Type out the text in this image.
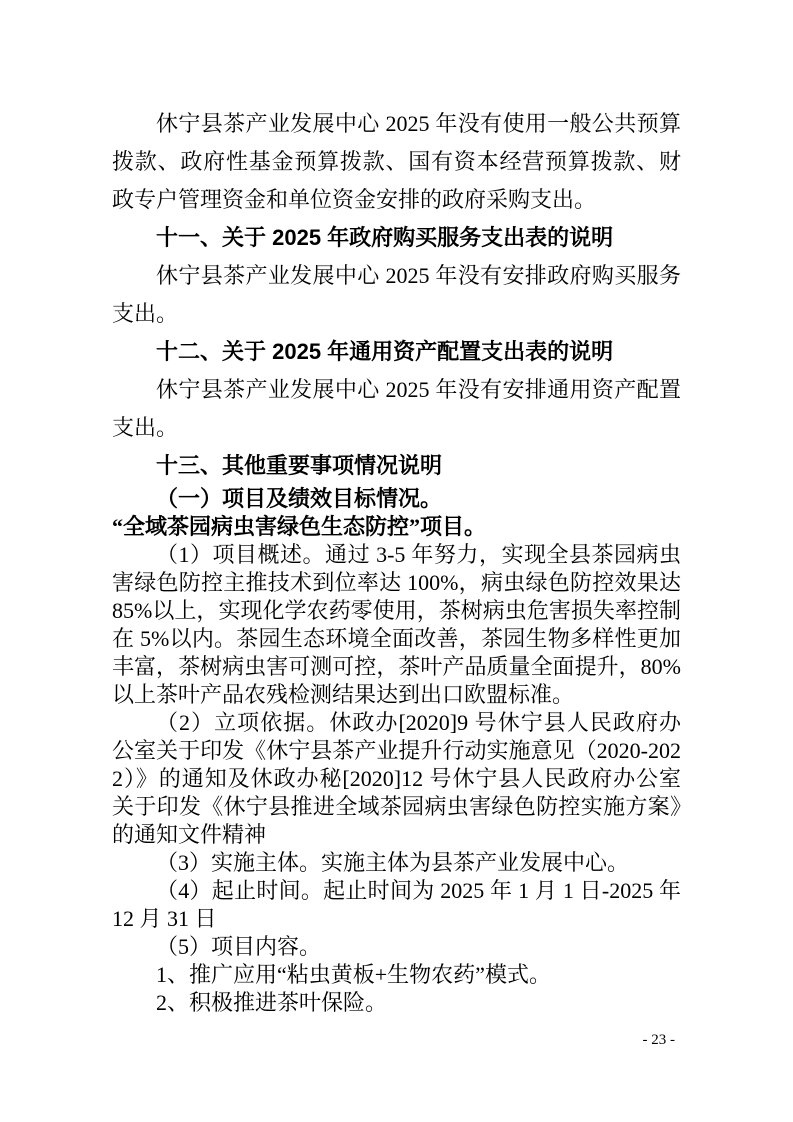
休宁县茶产业发展中心 2025 年没有使用一般公共预算拨款、政府性基金预算拨款、国有资本经营预算拨款、财政专户管理资金和单位资金安排的政府采购支出。

十一、关于 2025 年政府购买服务支出表的说明

休宁县茶产业发展中心 2025 年没有安排政府购买服务支出。

十二、关于 2025 年通用资产配置支出表的说明

休宁县茶产业发展中心 2025 年没有安排通用资产配置支出。

十三、其他重要事项情况说明

（一）项目及绩效目标情况。

“全域茶园病虫害绿色生态防控”项目。

（1）项目概述。通过 3-5 年努力，实现全县茶园病虫害绿色防控主推技术到位率达 100%，病虫绿色防控效果达 85%以上，实现化学农药零使用，茶树病虫危害损失率控制在 5%以内。茶园生态环境全面改善，茶园生物多样性更加丰富，茶树病虫害可测可控，茶叶产品质量全面提升，80%以上茶叶产品农残检测结果达到出口欧盟标准。

（2）立项依据。休政办[2020]9 号休宁县人民政府办公室关于印发《休宁县茶产业提升行动实施意见（2020-2022）》的通知及休政办秘[2020]12 号休宁县人民政府办公室关于印发《休宁县推进全域茶园病虫害绿色防控实施方案》的通知文件精神

（3）实施主体。实施主体为县茶产业发展中心。

（4）起止时间。起止时间为 2025 年 1 月 1 日-2025 年 12 月 31 日

（5）项目内容。

1、推广应用“粘虫黄板+生物农药”模式。

2、积极推进茶叶保险。

- 23 -
